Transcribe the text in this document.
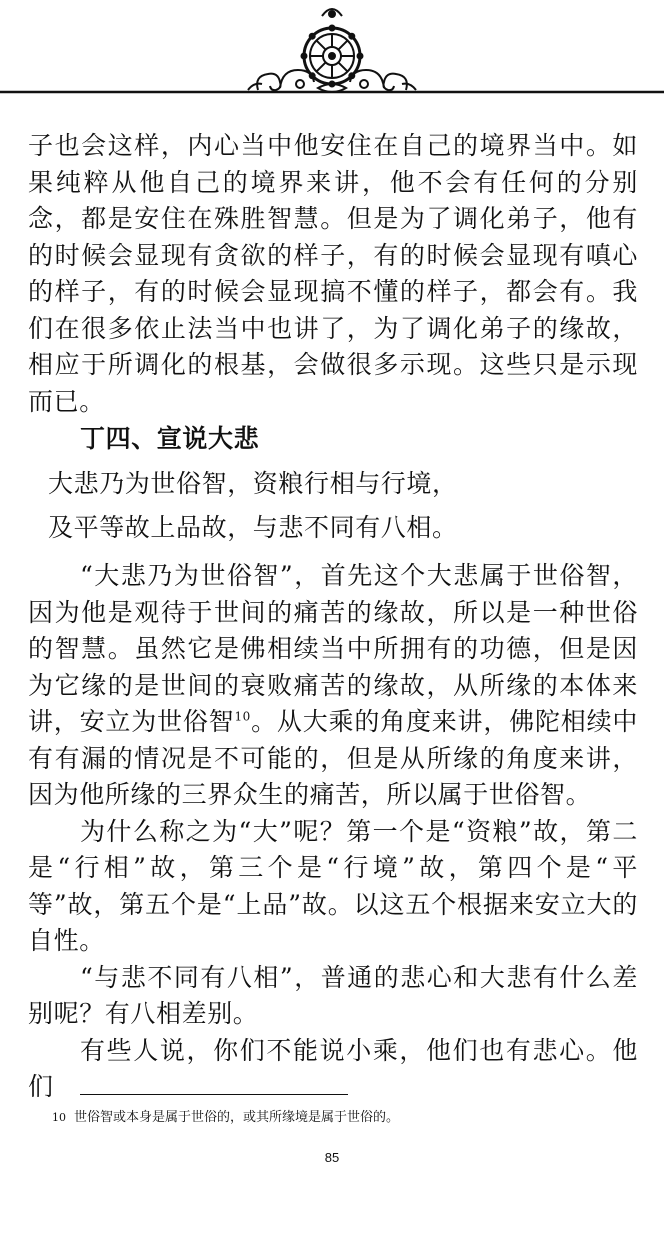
子也会这样，内心当中他安住在自己的境界当中。如果纯粹从他自己的境界来讲，他不会有任何的分别念，都是安住在殊胜智慧。但是为了调化弟子，他有的时候会显现有贪欲的样子，有的时候会显现有嗔心的样子，有的时候会显现搞不懂的样子，都会有。我们在很多依止法当中也讲了，为了调化弟子的缘故，相应于所调化的根基，会做很多示现。这些只是示现而已。

丁四、宣说大悲

大悲乃为世俗智，资粮行相与行境，

及平等故上品故，与悲不同有八相。

“大悲乃为世俗智”，首先这个大悲属于世俗智，因为他是观待于世间的痛苦的缘故，所以是一种世俗的智慧。虽然它是佛相续当中所拥有的功德，但是因为它缘的是世间的衰败痛苦的缘故，从所缘的本体来讲，安立为世俗智$^{10}$。从大乘的角度来讲，佛陀相续中有有漏的情况是不可能的，但是从所缘的角度来讲，因为他所缘的三界众生的痛苦，所以属于世俗智。

为什么称之为“大”呢？第一个是“资粮”故，第二是“行相”故，第三个是“行境”故，第四个是“平等”故，第五个是“上品”故。以这五个根据来安立大的自性。

“与悲不同有八相”，普通的悲心和大悲有什么差别呢？有八相差别。

有些人说，你们不能说小乘，他们也有悲心。他们

10 世俗智或本身是属于世俗的，或其所缘境是属于世俗的。
85
